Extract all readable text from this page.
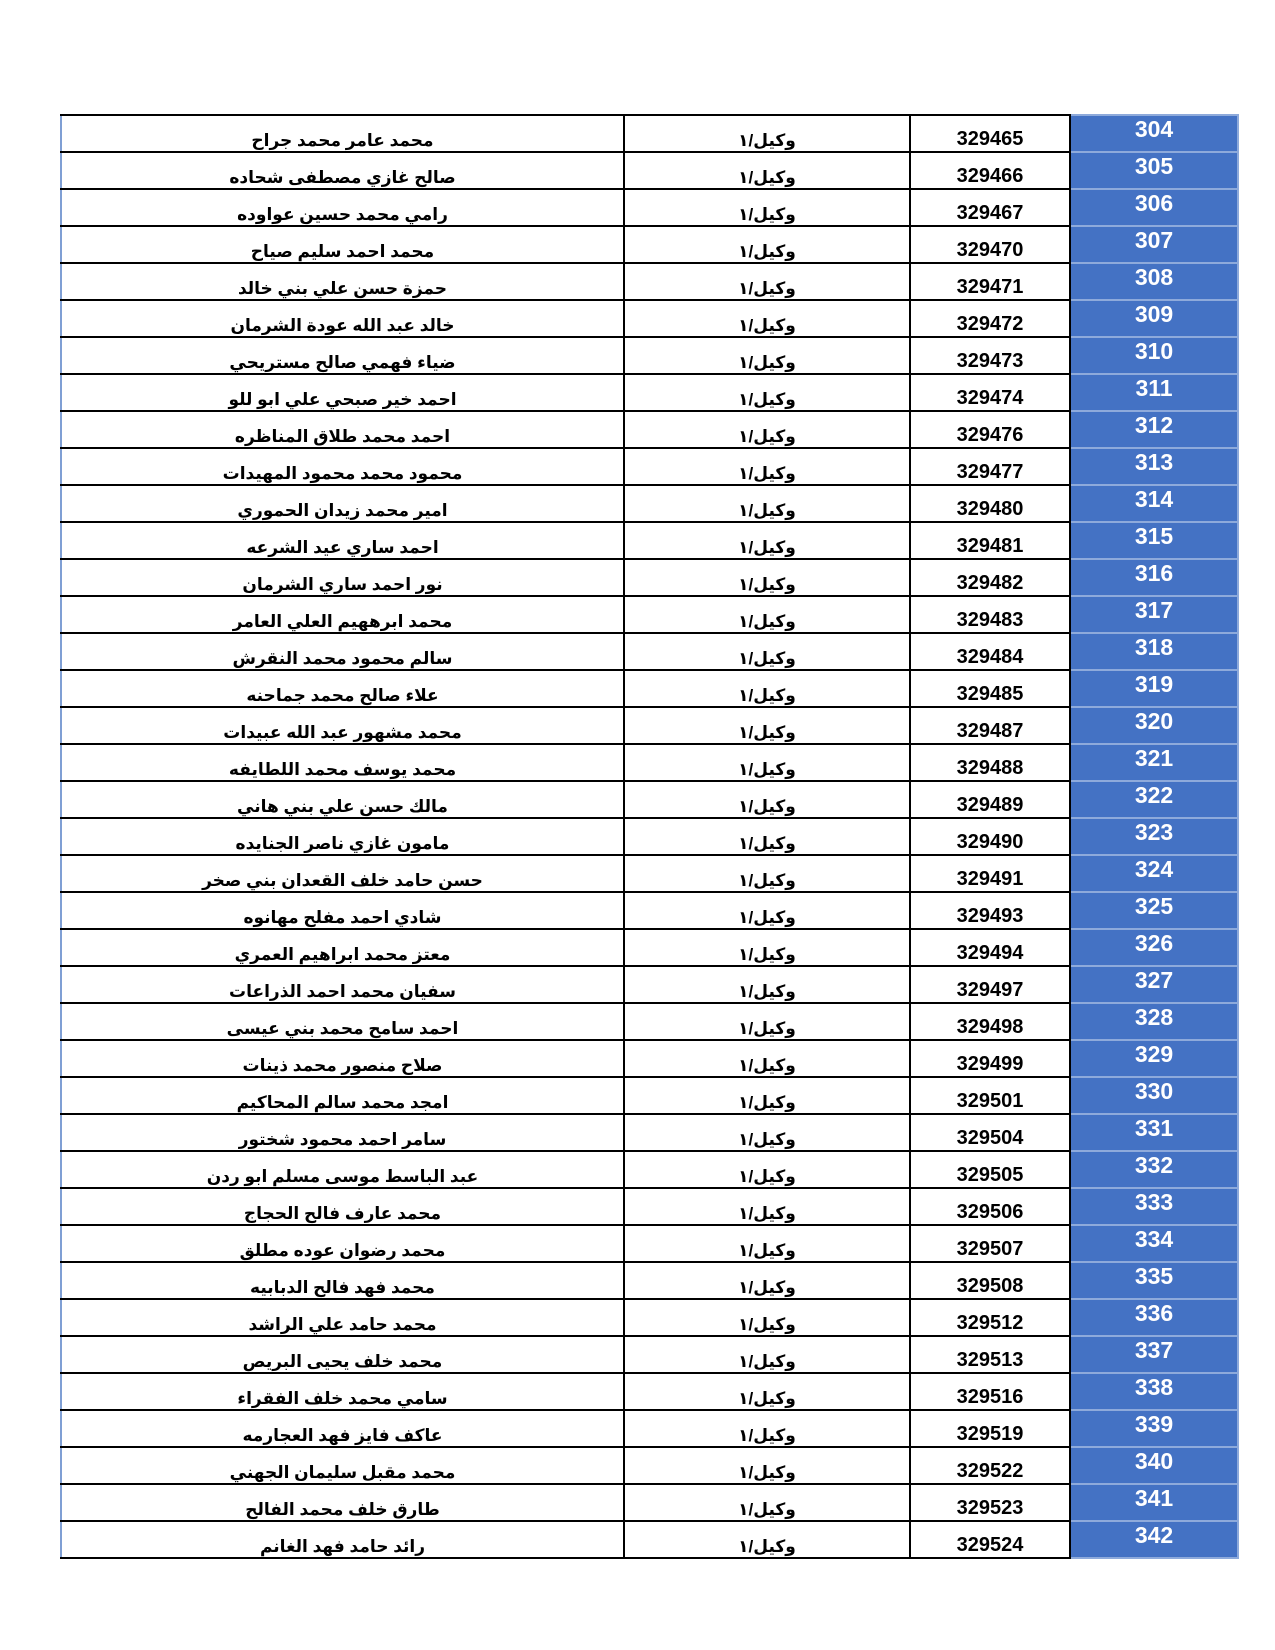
محمد عامر محمد جراح	وكيل/١	329465	304
صالح غازي مصطفى شحاده	وكيل/١	329466	305
رامي محمد حسين عواوده	وكيل/١	329467	306
محمد احمد سليم صياح	وكيل/١	329470	307
حمزة حسن علي بني خالد	وكيل/١	329471	308
خالد عبد الله عودة الشرمان	وكيل/١	329472	309
ضياء فهمي صالح مستريحي	وكيل/١	329473	310
احمد خير صبحي علي ابو للو	وكيل/١	329474	311
احمد محمد طلاق المناظره	وكيل/١	329476	312
محمود محمد محمود المهيدات	وكيل/١	329477	313
امير محمد زيدان الحموري	وكيل/١	329480	314
احمد ساري عيد الشرعه	وكيل/١	329481	315
نور احمد ساري الشرمان	وكيل/١	329482	316
محمد ابرههيم العلي العامر	وكيل/١	329483	317
سالم محمود محمد النقرش	وكيل/١	329484	318
علاء صالح محمد جماحنه	وكيل/١	329485	319
محمد مشهور عبد الله عبيدات	وكيل/١	329487	320
محمد يوسف محمد اللطايفه	وكيل/١	329488	321
مالك حسن علي بني هاني	وكيل/١	329489	322
مامون غازي ناصر الجنايده	وكيل/١	329490	323
حسن حامد خلف القعدان بني صخر	وكيل/١	329491	324
شادي احمد مفلح مهانوه	وكيل/١	329493	325
معتز محمد ابراهيم العمري	وكيل/١	329494	326
سفيان محمد احمد الذراعات	وكيل/١	329497	327
احمد سامح محمد بني عيسى	وكيل/١	329498	328
صلاح منصور محمد ذينات	وكيل/١	329499	329
امجد محمد سالم المحاكيم	وكيل/١	329501	330
سامر احمد محمود شختور	وكيل/١	329504	331
عبد الباسط موسى مسلم ابو ردن	وكيل/١	329505	332
محمد عارف فالح الحجاج	وكيل/١	329506	333
محمد رضوان عوده مطلق	وكيل/١	329507	334
محمد فهد فالح الدبابيه	وكيل/١	329508	335
محمد حامد علي الراشد	وكيل/١	329512	336
محمد خلف يحيى البريص	وكيل/١	329513	337
سامي محمد خلف الفقراء	وكيل/١	329516	338
عاكف فايز فهد العجارمه	وكيل/١	329519	339
محمد مقبل سليمان الجهني	وكيل/١	329522	340
طارق خلف محمد الفالح	وكيل/١	329523	341
رائد حامد فهد الغانم	وكيل/١	329524	342
